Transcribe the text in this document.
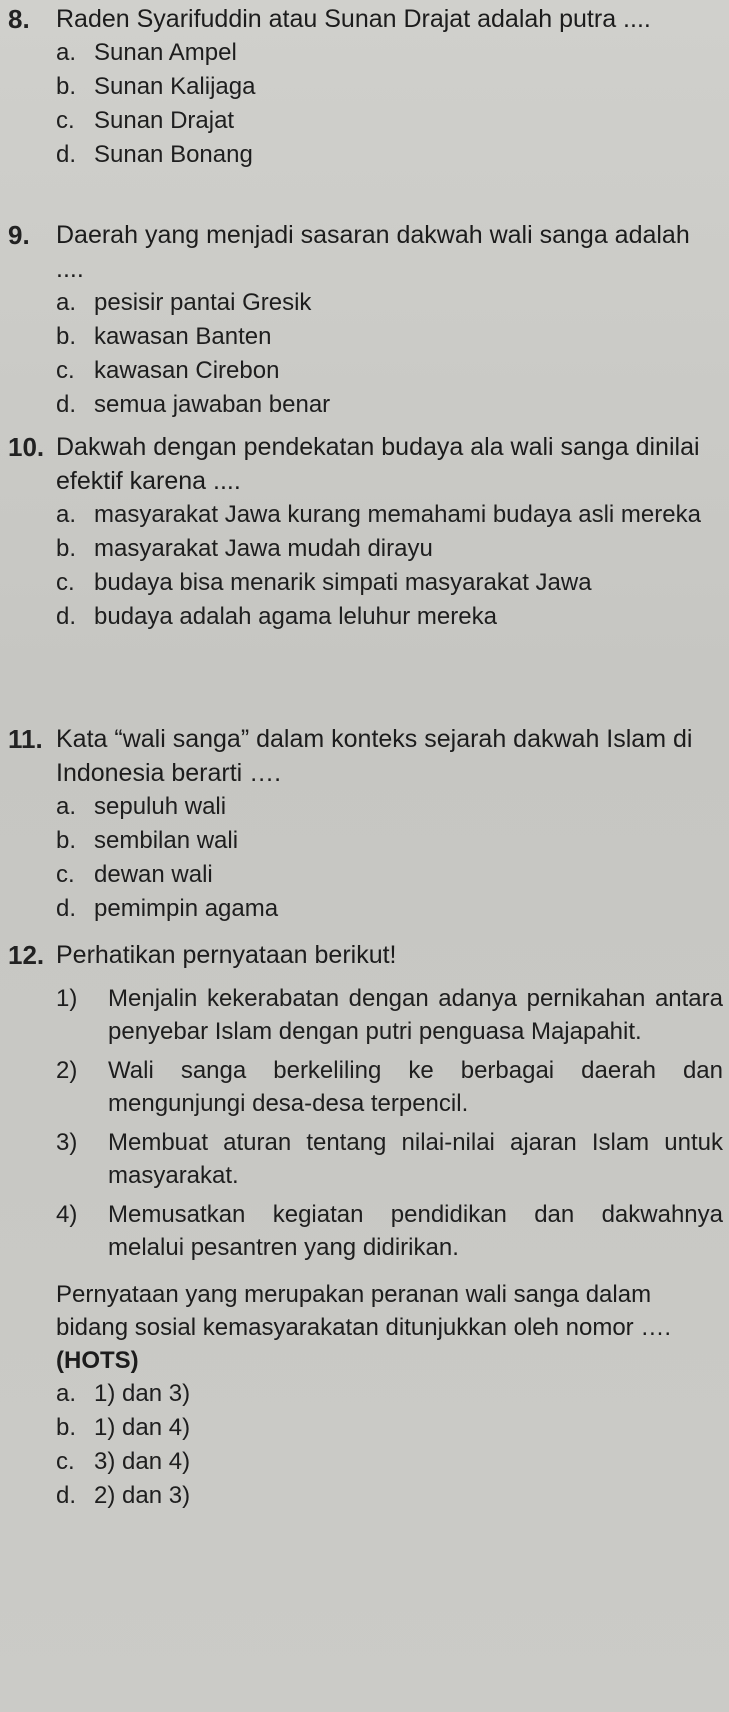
8.	Raden Syarifuddin atau Sunan Drajat adalah putra ....
a. Sunan Ampel
b. Sunan Kalijaga
c. Sunan Drajat
d. Sunan Bonang
9.	Daerah yang menjadi sasaran dakwah wali sanga adalah ....
a. pesisir pantai Gresik
b. kawasan Banten
c. kawasan Cirebon
d. semua jawaban benar
10. Dakwah dengan pendekatan budaya ala wali sanga dinilai efektif karena ....
a. masyarakat Jawa kurang memahami budaya asli mereka
b. masyarakat Jawa mudah dirayu
c. budaya bisa menarik simpati masyarakat Jawa
d. budaya adalah agama leluhur mereka
11. Kata “wali sanga” dalam konteks sejarah dakwah Islam di Indonesia berarti ….
a. sepuluh wali
b. sembilan wali
c. dewan wali
d. pemimpin agama
12. Perhatikan pernyataan berikut!
1)	Menjalin kekerabatan dengan adanya pernikahan antara penyebar Islam dengan putri penguasa Majapahit.
2)	Wali sanga berkeliling ke berbagai daerah dan mengunjungi desa-desa terpencil.
3)	Membuat aturan tentang nilai-nilai ajaran Islam untuk masyarakat.
4)	Memusatkan kegiatan pendidikan dan dakwahnya melalui pesantren yang didirikan.
Pernyataan yang merupakan peranan wali sanga dalam bidang sosial kemasyarakatan ditunjukkan oleh nomor …. (HOTS)
a. 1) dan 3)
b. 1) dan 4)
c. 3) dan 4)
d. 2) dan 3)
